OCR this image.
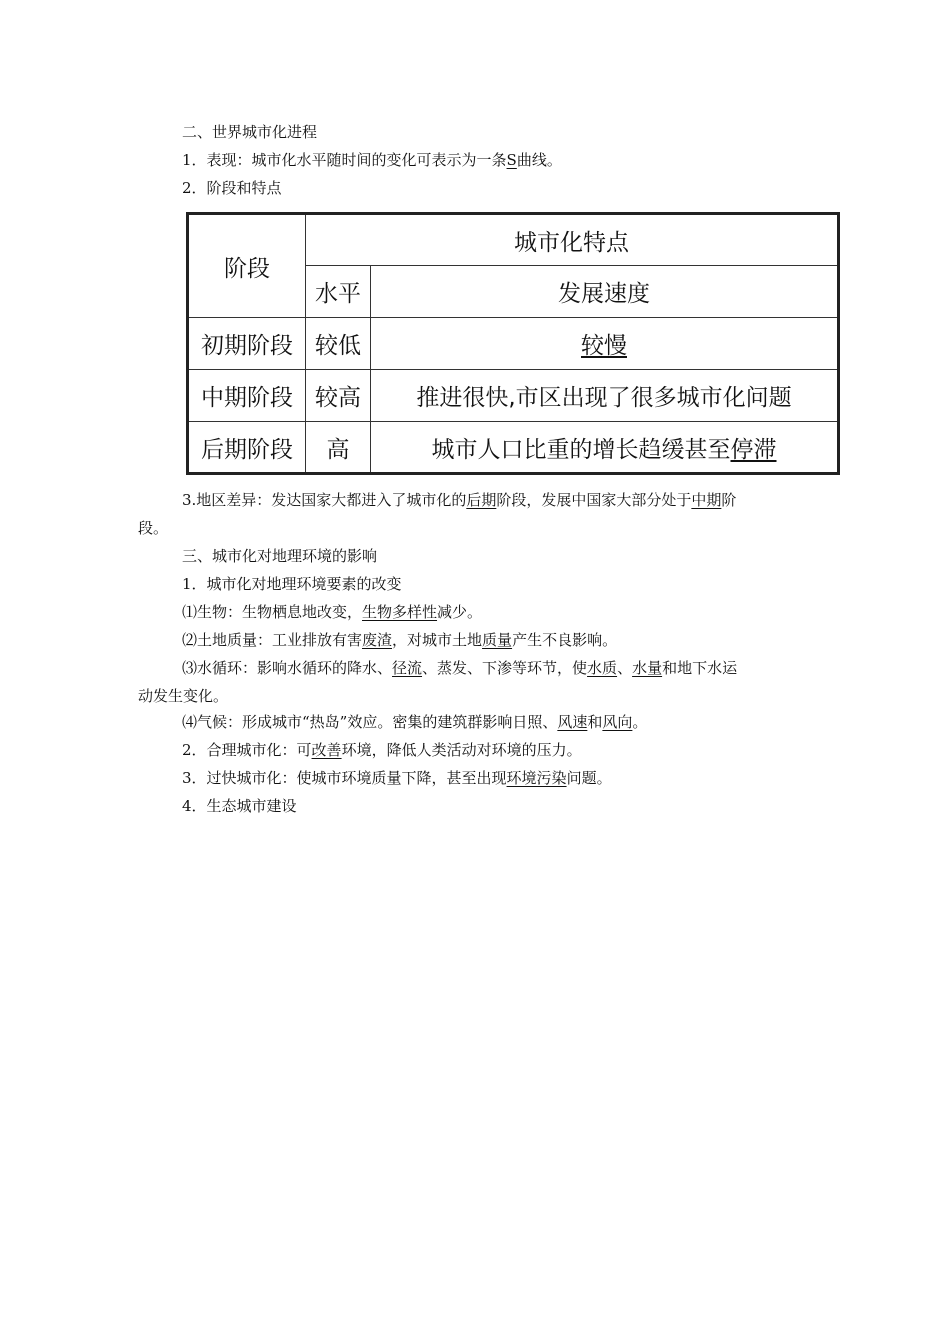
二、世界城市化进程
1．表现：城市化水平随时间的变化可表示为一条S曲线。
2．阶段和特点
阶段	城市化特点	
	水平	发展速度
初期阶段	较低	较慢
中期阶段	较高	推进很快,市区出现了很多城市化问题
后期阶段	高	城市人口比重的增长趋缓甚至停滞
3.地区差异：发达国家大都进入了城市化的后期阶段，发展中国家大部分处于中期阶
段。
三、城市化对地理环境的影响
1．城市化对地理环境要素的改变
⑴生物：生物栖息地改变，生物多样性减少。
⑵土地质量：工业排放有害废渣，对城市土地质量产生不良影响。
⑶水循环：影响水循环的降水、径流、蒸发、下渗等环节，使水质、水量和地下水运
动发生变化。
⑷气候：形成城市“热岛”效应。密集的建筑群影响日照、风速和风向。
2．合理城市化：可改善环境，降低人类活动对环境的压力。
3．过快城市化：使城市环境质量下降，甚至出现环境污染问题。
4．生态城市建设
